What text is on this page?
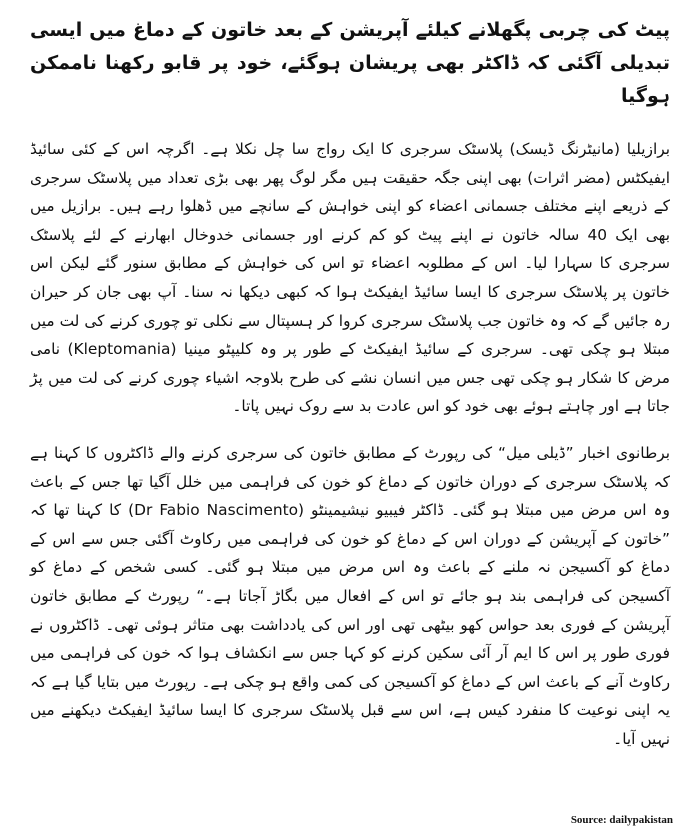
پیٹ کی چربی پگھلانے کیلئے آپریشن کے بعد خاتون کے دماغ میں ایسی تبدیلی آگئی کہ ڈاکٹر بھی پریشان ہوگئے، خود پر قابو رکھنا ناممکن ہوگیا

برازیلیا (مانیٹرنگ ڈیسک) پلاسٹک سرجری کا ایک رواج سا چل نکلا ہے۔ اگرچہ اس کے کئی سائیڈ ایفیکٹس (مضر اثرات) بھی اپنی جگہ حقیقت ہیں مگر لوگ پھر بھی بڑی تعداد میں پلاسٹک سرجری کے ذریعے اپنے مختلف جسمانی اعضاء کو اپنی خواہش کے سانچے میں ڈھلوا رہے ہیں۔ برازیل میں بھی ایک 40 سالہ خاتون نے اپنے پیٹ کو کم کرنے اور جسمانی خدوخال ابھارنے کے لئے پلاسٹک سرجری کا سہارا لیا۔ اس کے مطلوبہ اعضاء تو اس کی خواہش کے مطابق سنور گئے لیکن اس خاتون پر پلاسٹک سرجری کا ایسا سائیڈ ایفیکٹ ہوا کہ کبھی دیکھا نہ سنا۔ آپ بھی جان کر حیران رہ جائیں گے کہ وہ خاتون جب پلاسٹک سرجری کروا کر ہسپتال سے نکلی تو چوری کرنے کی لت میں مبتلا ہو چکی تھی۔ سرجری کے سائیڈ ایفیکٹ کے طور پر وہ کلیپٹو مینیا (Kleptomania) نامی مرض کا شکار ہو چکی تھی جس میں انسان نشے کی طرح بلاوجہ اشیاء چوری کرنے کی لت میں پڑ جاتا ہے اور چاہتے ہوئے بھی خود کو اس عادت بد سے روک نہیں پاتا۔

برطانوی اخبار ”ڈیلی میل“ کی رپورٹ کے مطابق خاتون کی سرجری کرنے والے ڈاکٹروں کا کہنا ہے کہ پلاسٹک سرجری کے دوران خاتون کے دماغ کو خون کی فراہمی میں خلل آگیا تھا جس کے باعث وہ اس مرض میں مبتلا ہو گئی۔ ڈاکٹر فیبیو نیشیمینٹو (Dr Fabio Nascimento) کا کہنا تھا کہ ”خاتون کے آپریشن کے دوران اس کے دماغ کو خون کی فراہمی میں رکاوٹ آگئی جس سے اس کے دماغ کو آکسیجن نہ ملنے کے باعث وہ اس مرض میں مبتلا ہو گئی۔ کسی شخص کے دماغ کو آکسیجن کی فراہمی بند ہو جائے تو اس کے افعال میں بگاڑ آجاتا ہے۔“ رپورٹ کے مطابق خاتون آپریشن کے فوری بعد حواس کھو بیٹھی تھی اور اس کی یادداشت بھی متاثر ہوئی تھی۔ ڈاکٹروں نے فوری طور پر اس کا ایم آر آئی سکین کرنے کو کہا جس سے انکشاف ہوا کہ خون کی فراہمی میں رکاوٹ آنے کے باعث اس کے دماغ کو آکسیجن کی کمی واقع ہو چکی ہے۔ رپورٹ میں بتایا گیا ہے کہ یہ اپنی نوعیت کا منفرد کیس ہے، اس سے قبل پلاسٹک سرجری کا ایسا سائیڈ ایفیکٹ دیکھنے میں نہیں آیا۔

Source: dailypakistan
